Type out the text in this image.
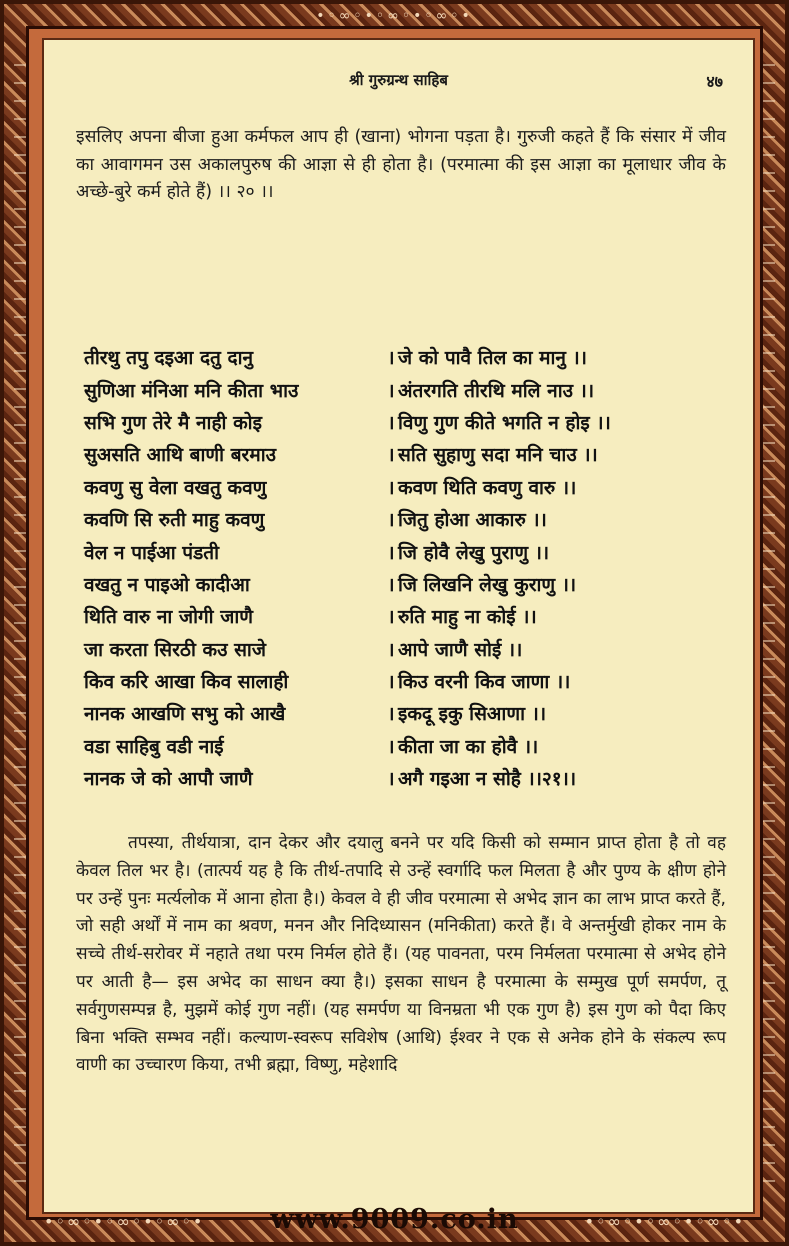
•◦∞◦•◦∞◦•◦∞◦•
श्री गुरुग्रन्थ साहिब	४७
इसलिए अपना बीजा हुआ कर्मफल आप ही (खाना) भोगना पड़ता है। गुरुजी कहते हैं कि संसार में जीव का आवागमन उस अकालपुरुष की आज्ञा से ही होता है। (परमात्मा की इस आज्ञा का मूलाधार जीव के अच्छे-बुरे कर्म होते हैं) ।। २० ।।
तीरथु तपु दइआ दतु दानु	। जे को पावै तिल का मानु ।।
सुणिआ मंनिआ मनि कीता भाउ	। अंतरगति तीरथि मलि नाउ ।।
सभि गुण तेरे मै नाही कोइ	। विणु गुण कीते भगति न होइ ।।
सुअसति आथि बाणी बरमाउ	। सति सुहाणु सदा मनि चाउ ।।
कवणु सु वेला वखतु कवणु	। कवण थिति कवणु वारु ।।
कवणि सि रुती माहु कवणु	। जितु होआ आकारु ।।
वेल न पाईआ पंडती	। जि होवै लेखु पुराणु ।।
वखतु न पाइओ कादीआ	। जि लिखनि लेखु कुराणु ।।
थिति वारु ना जोगी जाणै	। रुति माहु ना कोई ।।
जा करता सिरठी कउ साजे	। आपे जाणै सोई ।।
किव करि आखा किव सालाही	। किउ वरनी किव जाणा ।।
नानक आखणि सभु को आखै	। इकदू इकु सिआणा ।।
वडा साहिबु वडी नाई	। कीता जा का होवै ।।
नानक जे को आपौ जाणै	। अगै गइआ न सोहै ।।२१।।
तपस्या, तीर्थयात्रा, दान देकर और दयालु बनने पर यदि किसी को सम्मान प्राप्त होता है तो वह केवल तिल भर है। (तात्पर्य यह है कि तीर्थ-तपादि से उन्हें स्वर्गादि फल मिलता है और पुण्य के क्षीण होने पर उन्हें पुनः मर्त्यलोक में आना होता है।) केवल वे ही जीव परमात्मा से अभेद ज्ञान का लाभ प्राप्त करते हैं, जो सही अर्थों में नाम का श्रवण, मनन और निदिध्यासन (मनिकीता) करते हैं। वे अन्तर्मुखी होकर नाम के सच्चे तीर्थ-सरोवर में नहाते तथा परम निर्मल होते हैं। (यह पावनता, परम निर्मलता परमात्मा से अभेद होने पर आती है— इस अभेद का साधन क्या है।) इसका साधन है परमात्मा के सम्मुख पूर्ण समर्पण, तू सर्वगुणसम्पन्न है, मुझमें कोई गुण नहीं। (यह समर्पण या विनम्रता भी एक गुण है) इस गुण को पैदा किए बिना भक्ति सम्भव नहीं। कल्याण-स्वरूप सविशेष (आथि) ईश्वर ने एक से अनेक होने के संकल्प रूप वाणी का उच्चारण किया, तभी ब्रह्मा, विष्णु, महेशादि
•◦∞◦•◦∞◦•◦∞◦• www.9009.co.in	•◦∞◦•◦∞◦•◦∞◦•
